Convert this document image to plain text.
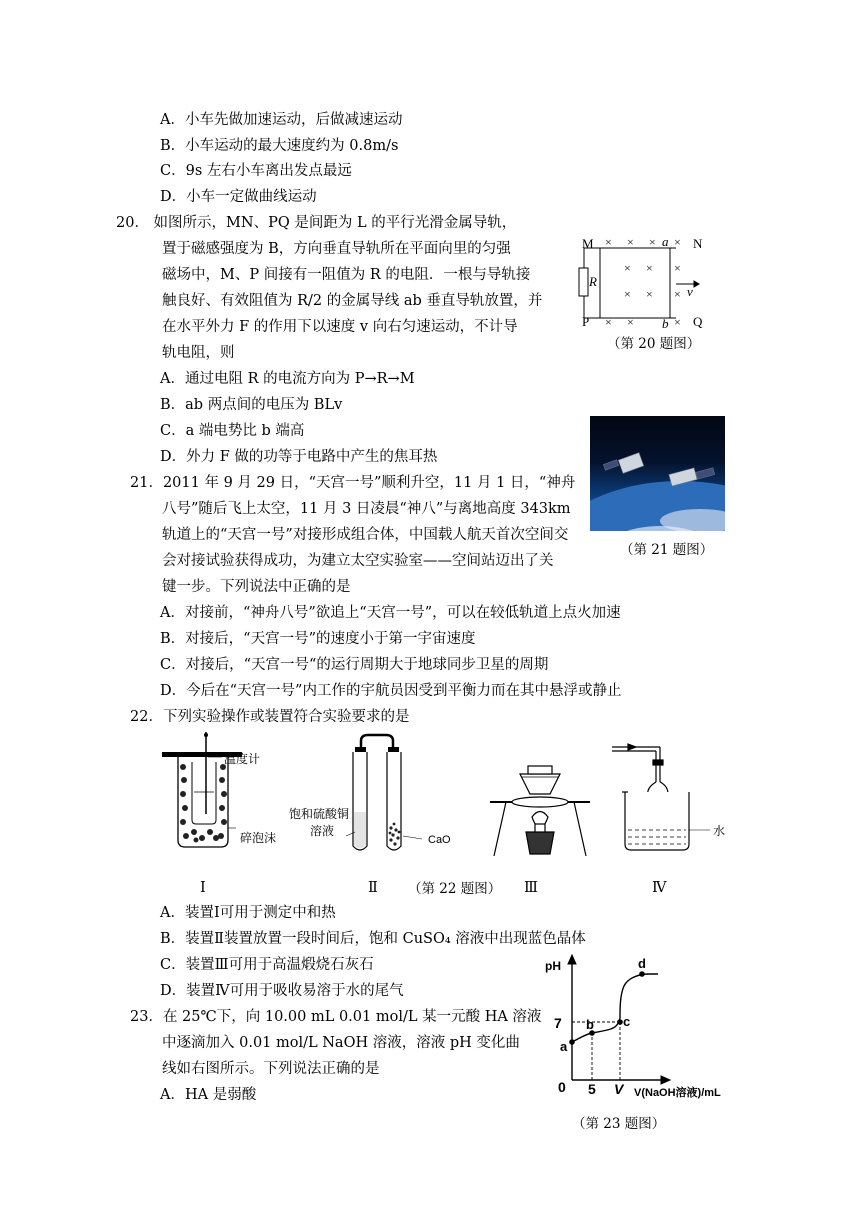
A．小车先做加速运动，后做减速运动
B．小车运动的最大速度约为 0.8m/s
C．9s 左右小车离出发点最远
D．小车一定做曲线运动
20． 如图所示，MN、PQ 是间距为 L 的平行光滑金属导轨，
置于磁感强度为 B，方向垂直导轨所在平面向里的匀强
磁场中，M、P 间接有一阻值为 R 的电阻．一根与导轨接
触良好、有效阻值为 R/2 的金属导线 ab 垂直导轨放置，并
在水平外力 F 的作用下以速度 v 向右匀速运动，不计导
轨电阻，则
A．通过电阻 R 的电流方向为 P→R→M
B．ab 两点间的电压为 BLv
C．a 端电势比 b 端高
D．外力 F 做的功等于电路中产生的焦耳热
M	N
P	Q
a
b
R
v
× × × ×
× × ×
× × ×
× ×	×
（第 20 题图）
（第 21 题图）
21．2011 年 9 月 29 日，“天宫一号”顺利升空，11 月 1 日，“神舟
八号”随后飞上太空，11 月 3 日凌晨“神八”与离地高度 343km
轨道上的“天宫一号”对接形成组合体，中国载人航天首次空间交
会对接试验获得成功，为建立太空实验室——空间站迈出了关
键一步。下列说法中正确的是
A．对接前，“神舟八号”欲追上“天宫一号”，可以在较低轨道上点火加速
B．对接后，“天宫一号”的速度小于第一宇宙速度
C．对接后，“天宫一号“的运行周期大于地球同步卫星的周期
D．今后在“天宫一号”内工作的宇航员因受到平衡力而在其中悬浮或静止
22．下列实验操作或装置符合实验要求的是
温度计
碎泡沫
饱和硫酸铜
溶液
CaO
水
Ⅰ	Ⅱ （第 22 题图） Ⅲ	Ⅳ
A．装置Ⅰ可用于测定中和热
B．装置Ⅱ装置放置一段时间后，饱和 CuSO₄ 溶液中出现蓝色晶体
C．装置Ⅲ可用于高温煅烧石灰石
D．装置Ⅳ可用于吸收易溶于水的尾气
23．在 25℃下，向 10.00 mL 0.01 mol/L 某一元酸 HA 溶液
中逐滴加入 0.01 mol/L NaOH 溶液，溶液 pH 变化曲
线如右图所示。下列说法正确的是
A．HA 是弱酸
pH
7
0 5 V V(NaOH溶液)/mL
a
b c
d
（第 23 题图）
